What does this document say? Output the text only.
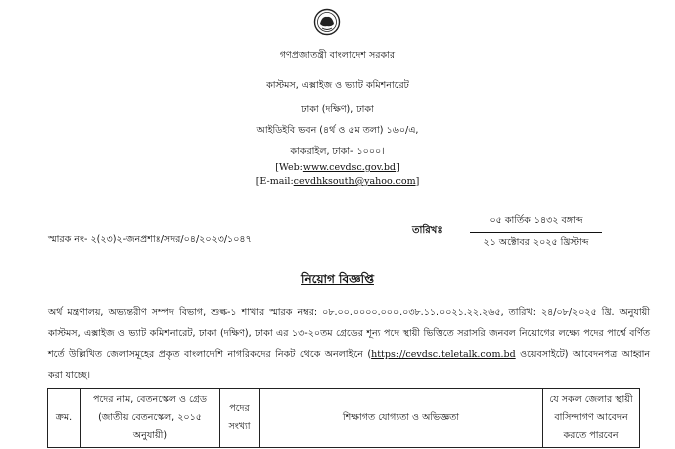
গণপ্রজাতন্ত্রী বাংলাদেশ সরকার
কাস্টমস, এক্সাইজ ও ভ্যাট কমিশনারেট
ঢাকা (দক্ষিণ), ঢাকা
আইডিইবি ভবন (৪র্থ ও ৫ম তলা) ১৬০/এ,
কাকরাইল, ঢাকা- ১০০০।
[Web:www.cevdsc.gov.bd]
[E-mail:cevdhksouth@yahoo.com]
স্মারক নং- ২(২৩)২-জনপ্রশাঃ/সদর/০৪/২০২৩/১০৪৭
তারিখঃ
০৫ কার্তিক ১৪৩২ বঙ্গাব্দ
২১ অক্টোবর ২০২৫ খ্রিস্টাব্দ
নিয়োগ বিজ্ঞপ্তি
অর্থ মন্ত্রণালয়, অভ্যন্তরীণ সম্পদ বিভাগ, শুল্ক-১ শাখার স্মারক নম্বর: ০৮.০০.০০০০.০০০.০৩৮.১১.০০২১.২২.২৬৫, তারিখ: ২৪/০৮/২০২৫ খ্রি. অনুযায়ী কাস্টমস, এক্সাইজ ও ভ্যাট কমিশনারেট, ঢাকা (দক্ষিণ), ঢাকা এর ১৩-২০তম গ্রেডের শূন্য পদে স্থায়ী ভিত্তিতে সরাসরি জনবল নিয়োগের লক্ষ্যে পদের পার্শ্বে বর্ণিত শর্তে উল্লিখিত জেলাসমূহের প্রকৃত বাংলাদেশি নাগরিকদের নিকট থেকে অনলাইনে (https://cevdsc.teletalk.com.bd ওয়েবসাইটে) আবেদনপত্র আহ্বান করা যাচ্ছে।
ক্রম.	পদের নাম, বেতনস্কেল ও গ্রেড (জাতীয় বেতনস্কেল, ২০১৫ অনুযায়ী)	পদের সংখ্যা	শিক্ষাগত যোগ্যতা ও অভিজ্ঞতা	যে সকল জেলার স্থায়ী বাসিন্দাগণ আবেদন করতে পারবেন
